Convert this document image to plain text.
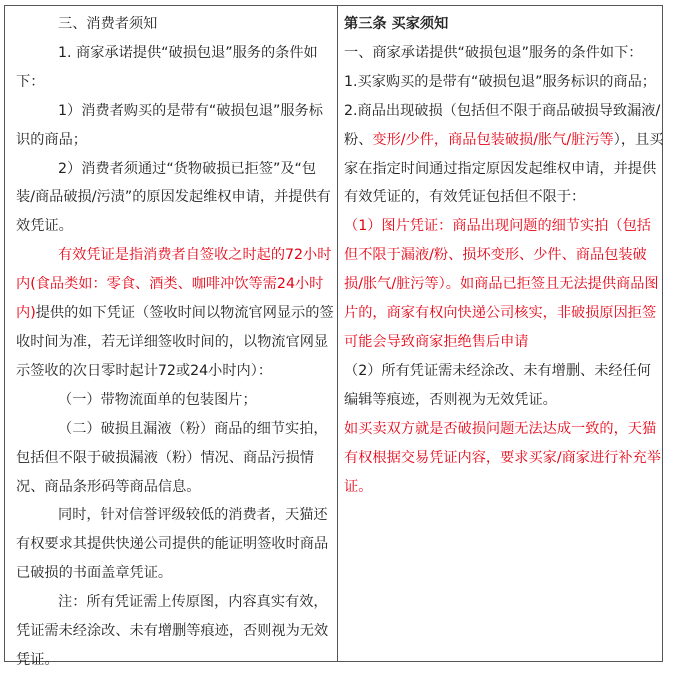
三、消费者须知

1. 商家承诺提供“破损包退”服务的条件如下：

1）消费者购买的是带有“破损包退”服务标识的商品；

2）消费者须通过“货物破损已拒签”及“包装/商品破损/污渍”的原因发起维权申请，并提供有效凭证。

有效凭证是指消费者自签收之时起的72小时内(食品类如：零食、酒类、咖啡冲饮等需24小时内)提供的如下凭证（签收时间以物流官网显示的签收时间为准，若无详细签收时间的，以物流官网显示签收的次日零时起计72或24小时内）：

（一）带物流面单的包装图片；

（二）破损且漏液（粉）商品的细节实拍，包括但不限于破损漏液（粉）情况、商品污损情况、商品条形码等商品信息。

同时，针对信誉评级较低的消费者，天猫还有权要求其提供快递公司提供的能证明签收时商品已破损的书面盖章凭证。

注：所有凭证需上传原图，内容真实有效，凭证需未经涂改、未有增删等痕迹，否则视为无效凭证。

第三条 买家须知

一、商家承诺提供“破损包退”服务的条件如下：

1.买家购买的是带有“破损包退”服务标识的商品；

2.商品出现破损（包括但不限于商品破损导致漏液/粉、变形/少件，商品包装破损/胀气/脏污等），且买家在指定时间通过指定原因发起维权申请，并提供有效凭证的，有效凭证包括但不限于：

（1）图片凭证：商品出现问题的细节实拍（包括但不限于漏液/粉、损坏变形、少件、商品包装破损/胀气/脏污等）。如商品已拒签且无法提供商品图片的，商家有权向快递公司核实，非破损原因拒签可能会导致商家拒绝售后申请

（2）所有凭证需未经涂改、未有增删、未经任何编辑等痕迹，否则视为无效凭证。

如买卖双方就是否破损问题无法达成一致的，天猫有权根据交易凭证内容，要求买家/商家进行补充举证。
